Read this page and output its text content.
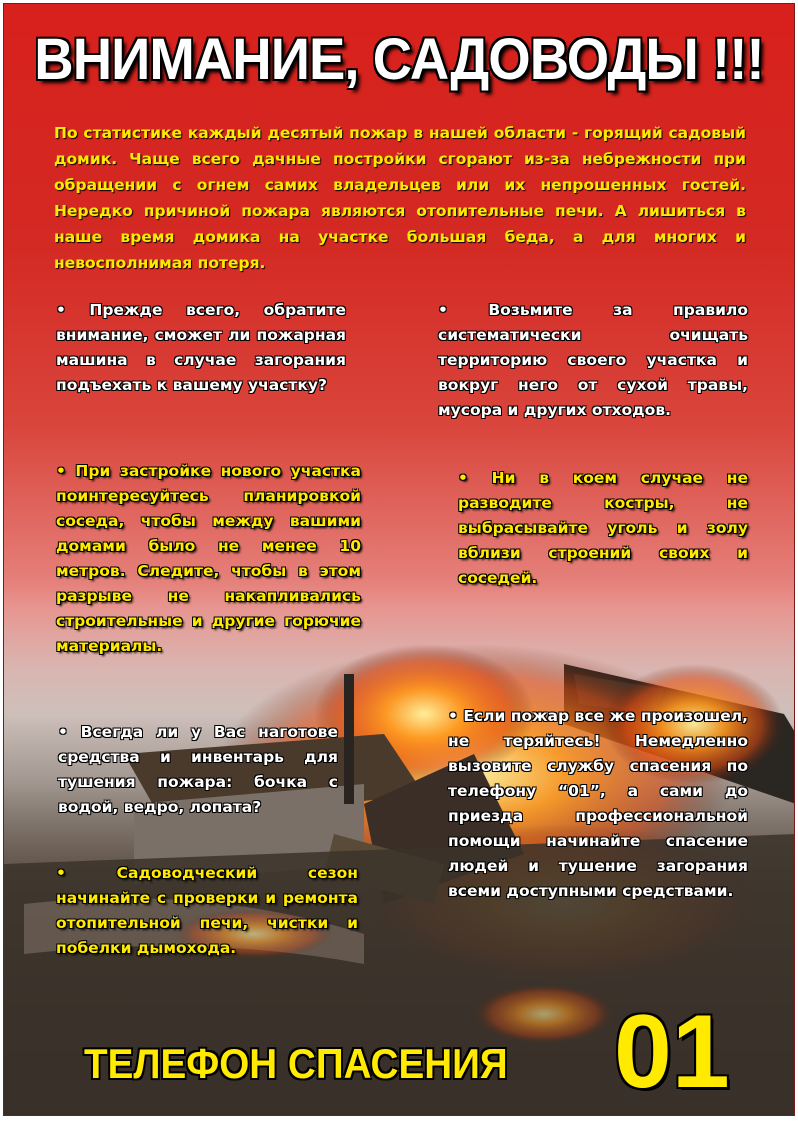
ВНИМАНИЕ, САДОВОДЫ !!!
По статистике каждый десятый пожар в нашей области - горящий садовый домик. Чаще всего дачные постройки сгорают из-за небрежности при обращении с огнем самих владельцев или их непрошенных гостей. Нередко причиной пожара являются отопительные печи. А лишиться в наше время домика на участке большая беда, а для многих и невосполнимая потеря.
• Прежде всего, обратите внимание, сможет ли пожарная машина в случае загорания подъехать к вашему участку?
• Возьмите за правило систематически очищать территорию своего участка и вокруг него от сухой травы, мусора и других отходов.
• При застройке нового участка поинтересуйтесь планировкой соседа, чтобы между вашими домами было не менее 10 метров. Следите, чтобы в этом разрыве не накапливались строительные и другие горючие материалы.
• Ни в коем случае не разводите костры, не выбрасывайте уголь и золу вблизи строений своих и соседей.
• Всегда ли у Вас наготове средства и инвентарь для тушения пожара: бочка с водой, ведро, лопата?
• Если пожар все же произошел, не теряйтесь! Немедленно вызовите службу спасения по телефону “01”, а сами до приезда профессиональной помощи начинайте спасение людей и тушение загорания всеми доступными средствами.
• Садоводческий сезон начинайте с проверки и ремонта отопительной печи, чистки и побелки дымохода.
ТЕЛЕФОН СПАСЕНИЯ 01
